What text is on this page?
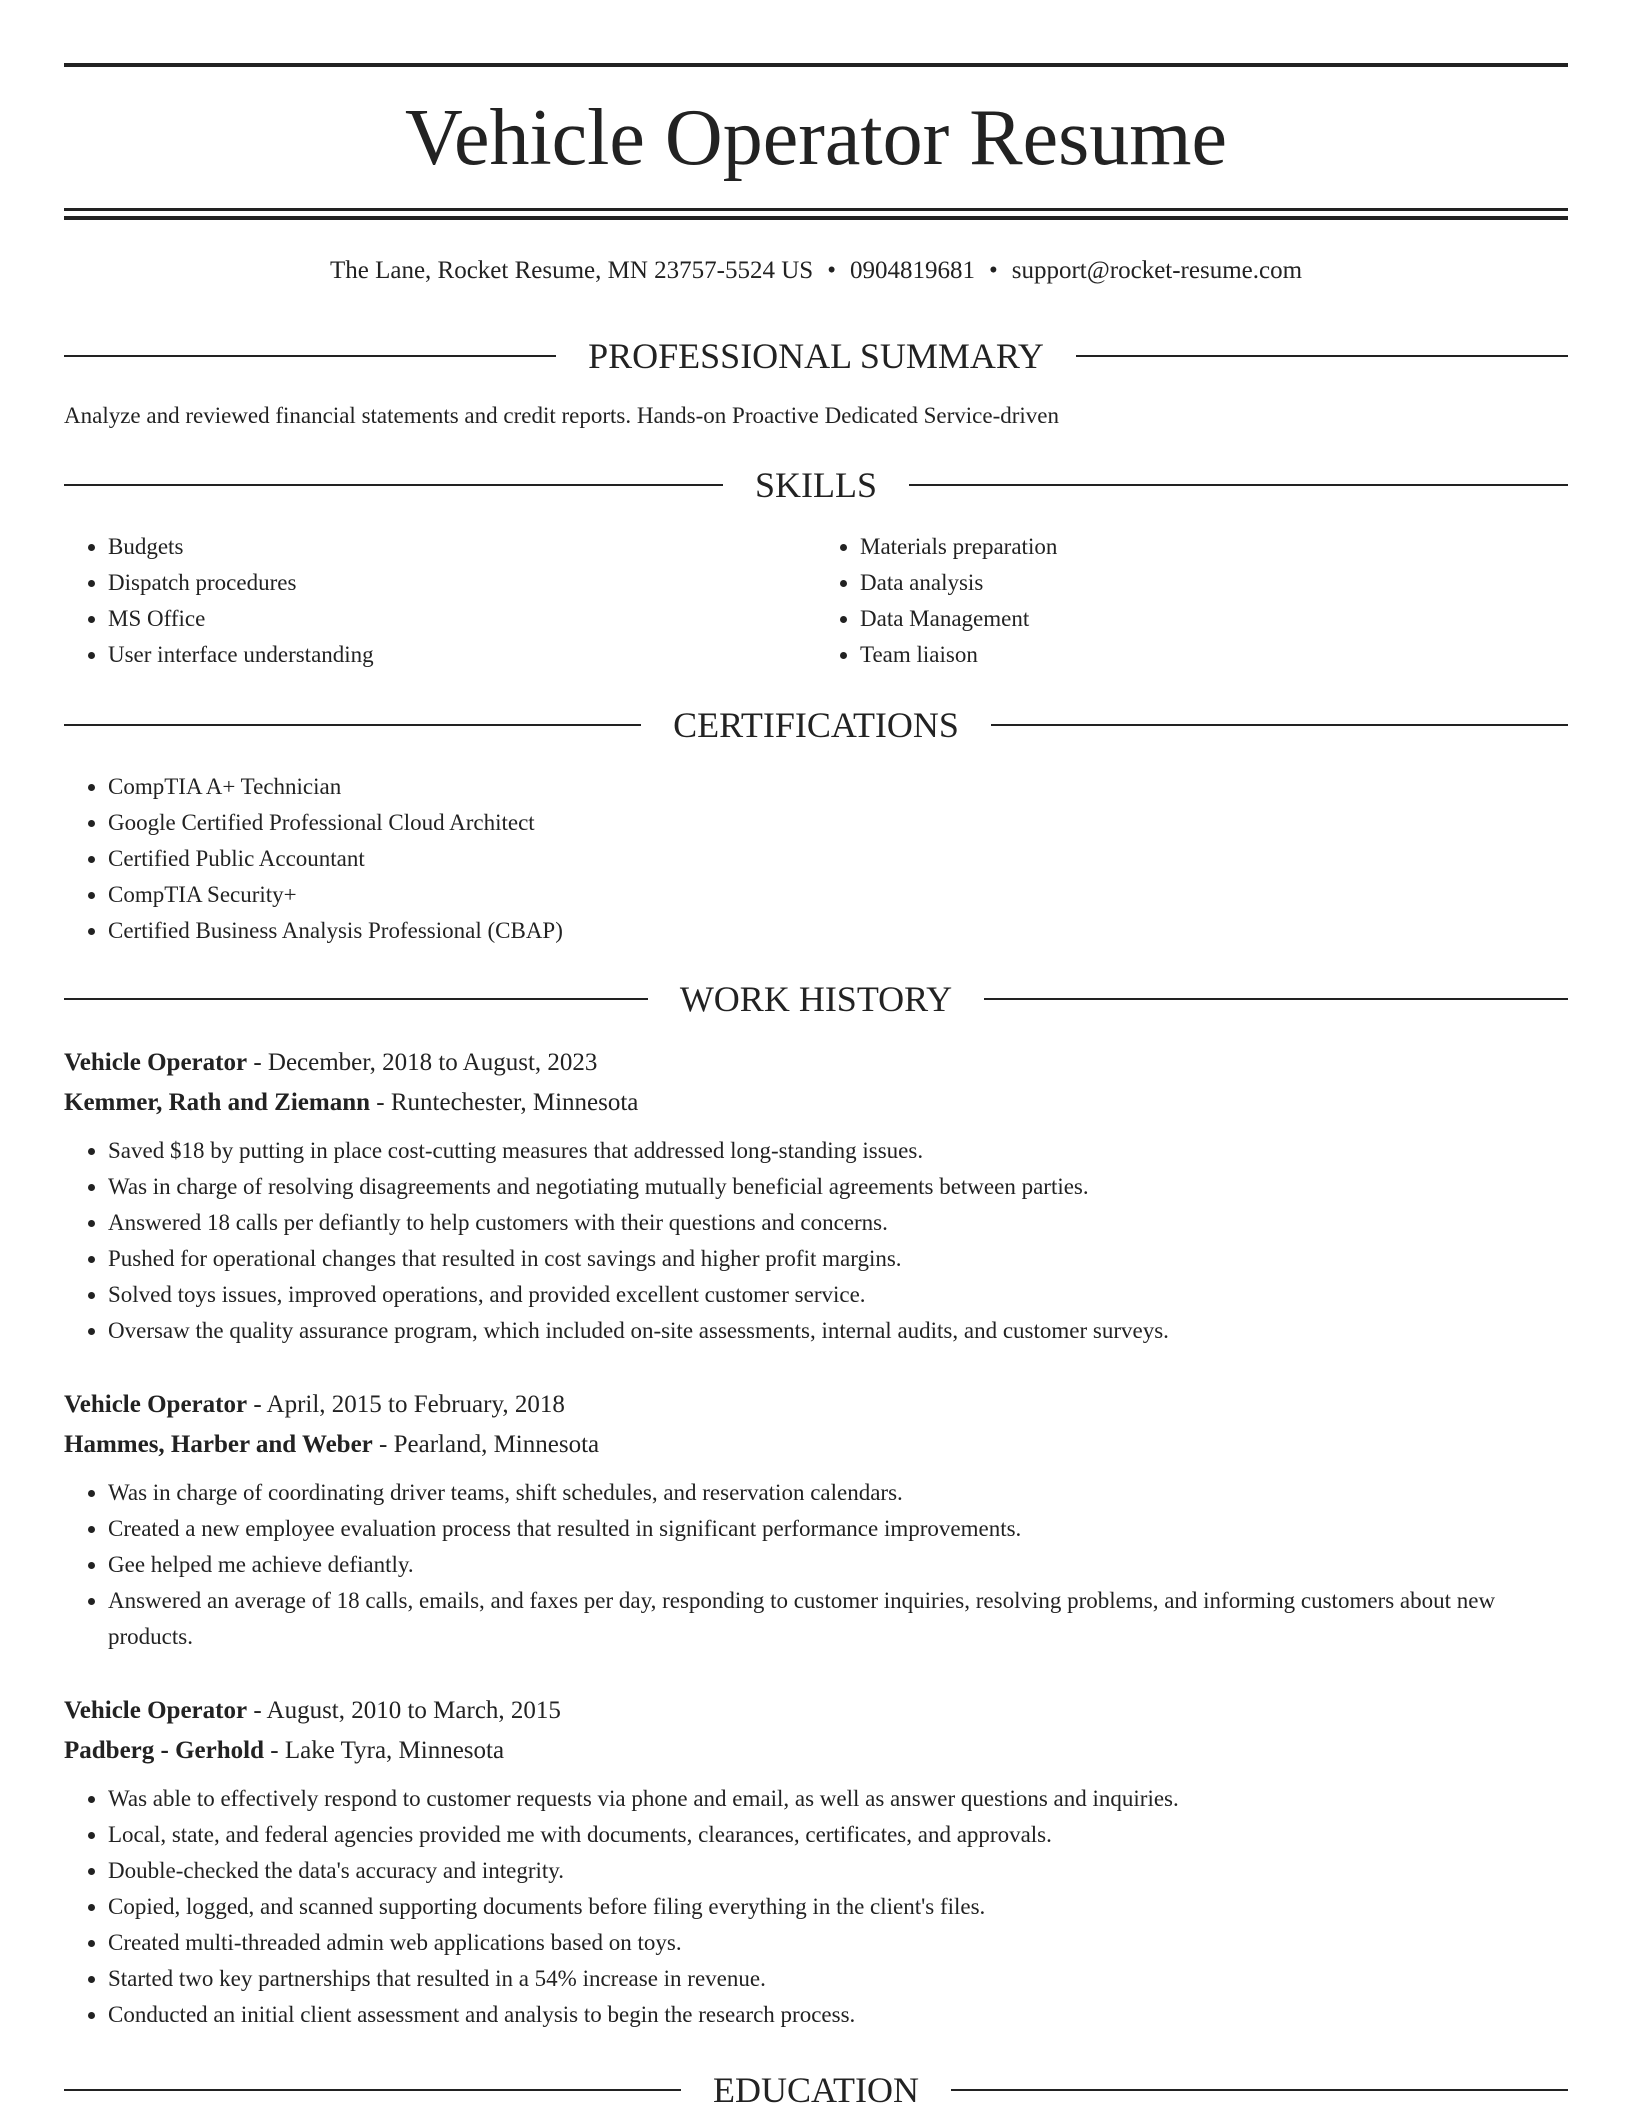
Vehicle Operator Resume
The Lane, Rocket Resume, MN 23757-5524 US • 0904819681 • support@rocket-resume.com
PROFESSIONAL SUMMARY

Analyze and reviewed financial statements and credit reports. Hands-on Proactive Dedicated Service-driven

SKILLS
• Budgets
• Dispatch procedures
• MS Office
• User interface understanding
• Materials preparation
• Data analysis
• Data Management
• Team liaison
CERTIFICATIONS
• CompTIA A+ Technician
• Google Certified Professional Cloud Architect
• Certified Public Accountant
• CompTIA Security+
• Certified Business Analysis Professional (CBAP)
WORK HISTORY
Vehicle Operator - December, 2018 to August, 2023
Kemmer, Rath and Ziemann - Runtechester, Minnesota
• Saved $18 by putting in place cost-cutting measures that addressed long-standing issues.
• Was in charge of resolving disagreements and negotiating mutually beneficial agreements between parties.
• Answered 18 calls per defiantly to help customers with their questions and concerns.
• Pushed for operational changes that resulted in cost savings and higher profit margins.
• Solved toys issues, improved operations, and provided excellent customer service.
• Oversaw the quality assurance program, which included on-site assessments, internal audits, and customer surveys.
Vehicle Operator - April, 2015 to February, 2018
Hammes, Harber and Weber - Pearland, Minnesota
• Was in charge of coordinating driver teams, shift schedules, and reservation calendars.
• Created a new employee evaluation process that resulted in significant performance improvements.
• Gee helped me achieve defiantly.
• Answered an average of 18 calls, emails, and faxes per day, responding to customer inquiries, resolving problems, and informing customers about new products.
Vehicle Operator - August, 2010 to March, 2015
Padberg - Gerhold - Lake Tyra, Minnesota
• Was able to effectively respond to customer requests via phone and email, as well as answer questions and inquiries.
• Local, state, and federal agencies provided me with documents, clearances, certificates, and approvals.
• Double-checked the data's accuracy and integrity.
• Copied, logged, and scanned supporting documents before filing everything in the client's files.
• Created multi-threaded admin web applications based on toys.
• Started two key partnerships that resulted in a 54% increase in revenue.
• Conducted an initial client assessment and analysis to begin the research process.
EDUCATION
